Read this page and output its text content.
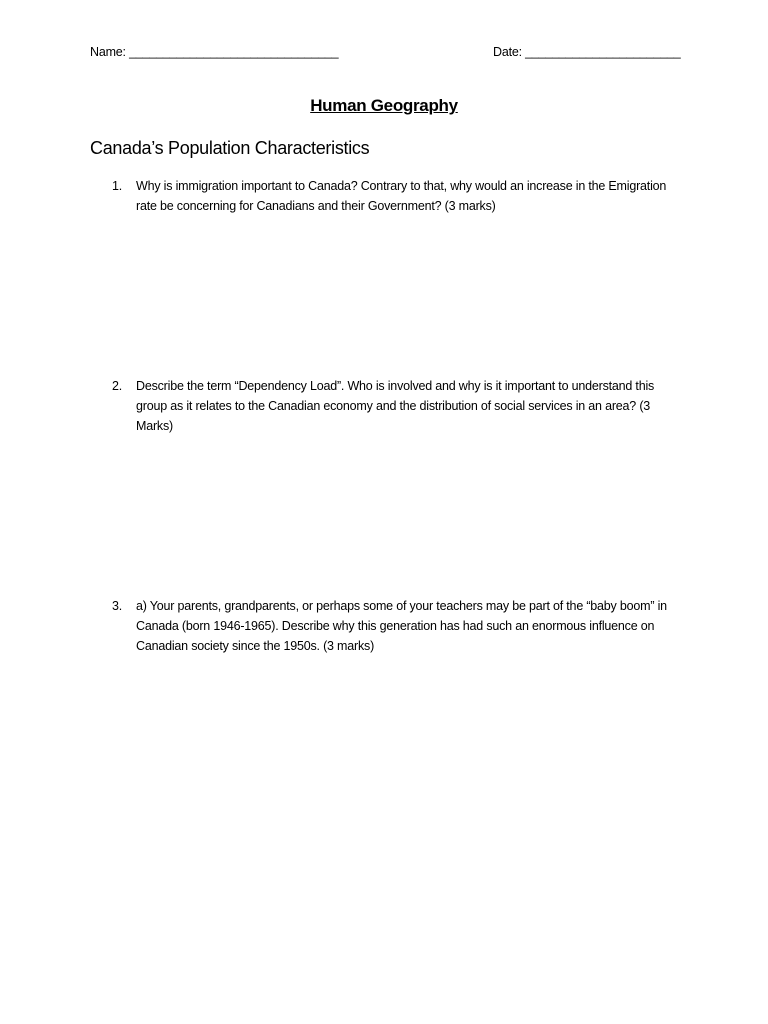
Name: _______________________________	Date: _______________________
Human Geography
Canada’s Population Characteristics
1.	Why is immigration important to Canada? Contrary to that, why would an increase in the Emigration rate be concerning for Canadians and their Government? (3 marks)
2.	Describe the term “Dependency Load”. Who is involved and why is it important to understand this group as it relates to the Canadian economy and the distribution of social services in an area? (3 Marks)
3.	a) Your parents, grandparents, or perhaps some of your teachers may be part of the “baby boom” in Canada (born 1946-1965). Describe why this generation has had such an enormous influence on Canadian society since the 1950s. (3 marks)
